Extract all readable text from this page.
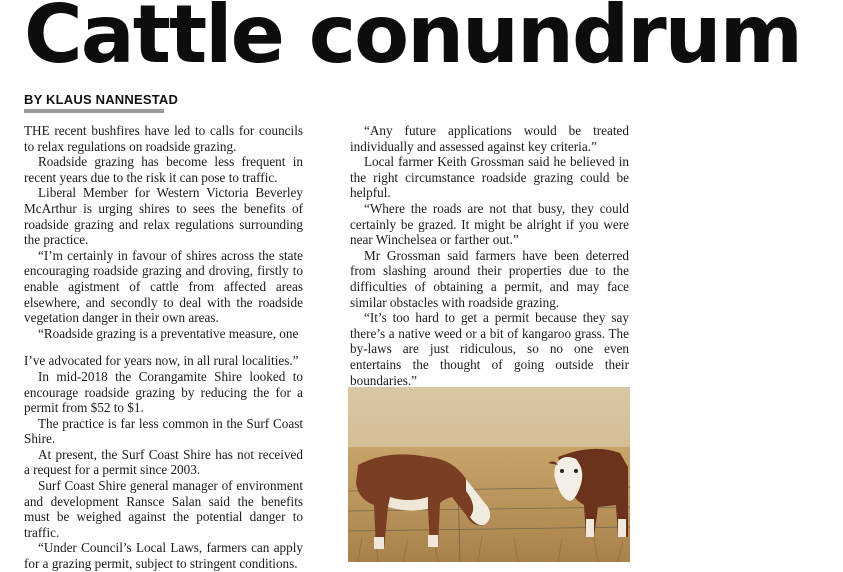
Cattle conundrum
BY KLAUS NANNESTAD

THE recent bushfires have led to calls for councils to relax regulations on roadside grazing.

Roadside grazing has become less frequent in recent years due to the risk it can pose to traffic.

Liberal Member for Western Victoria Beverley McArthur is urging shires to sees the benefits of roadside grazing and relax regulations surrounding the practice.

“I’m certainly in favour of shires across the state encouraging roadside grazing and droving, firstly to enable agistment of cattle from affected areas elsewhere, and secondly to deal with the roadside vegetation danger in their own areas.

“Roadside grazing is a preventative measure, one

I’ve advocated for years now, in all rural localities.”

In mid-2018 the Corangamite Shire looked to encourage roadside grazing by reducing the for a permit from $52 to $1.

The practice is far less common in the Surf Coast Shire.

At present, the Surf Coast Shire has not received a request for a permit since 2003.

Surf Coast Shire general manager of environment and development Ransce Salan said the benefits must be weighed against the potential danger to traffic.

“Under Council’s Local Laws, farmers can apply for a grazing permit, subject to stringent conditions.

“Any future applications would be treated individually and assessed against key criteria.”

Local farmer Keith Grossman said he believed in the right circumstance roadside grazing could be helpful.

“Where the roads are not that busy, they could certainly be grazed. It might be alright if you were near Winchelsea or farther out.”

Mr Grossman said farmers have been deterred from slashing around their properties due to the difficulties of obtaining a permit, and may face similar obstacles with roadside grazing.

“It’s too hard to get a permit because they say there’s a native weed or a bit of kangaroo grass. The by-laws are just ridiculous, so no one even entertains the thought of going outside their boundaries.”
